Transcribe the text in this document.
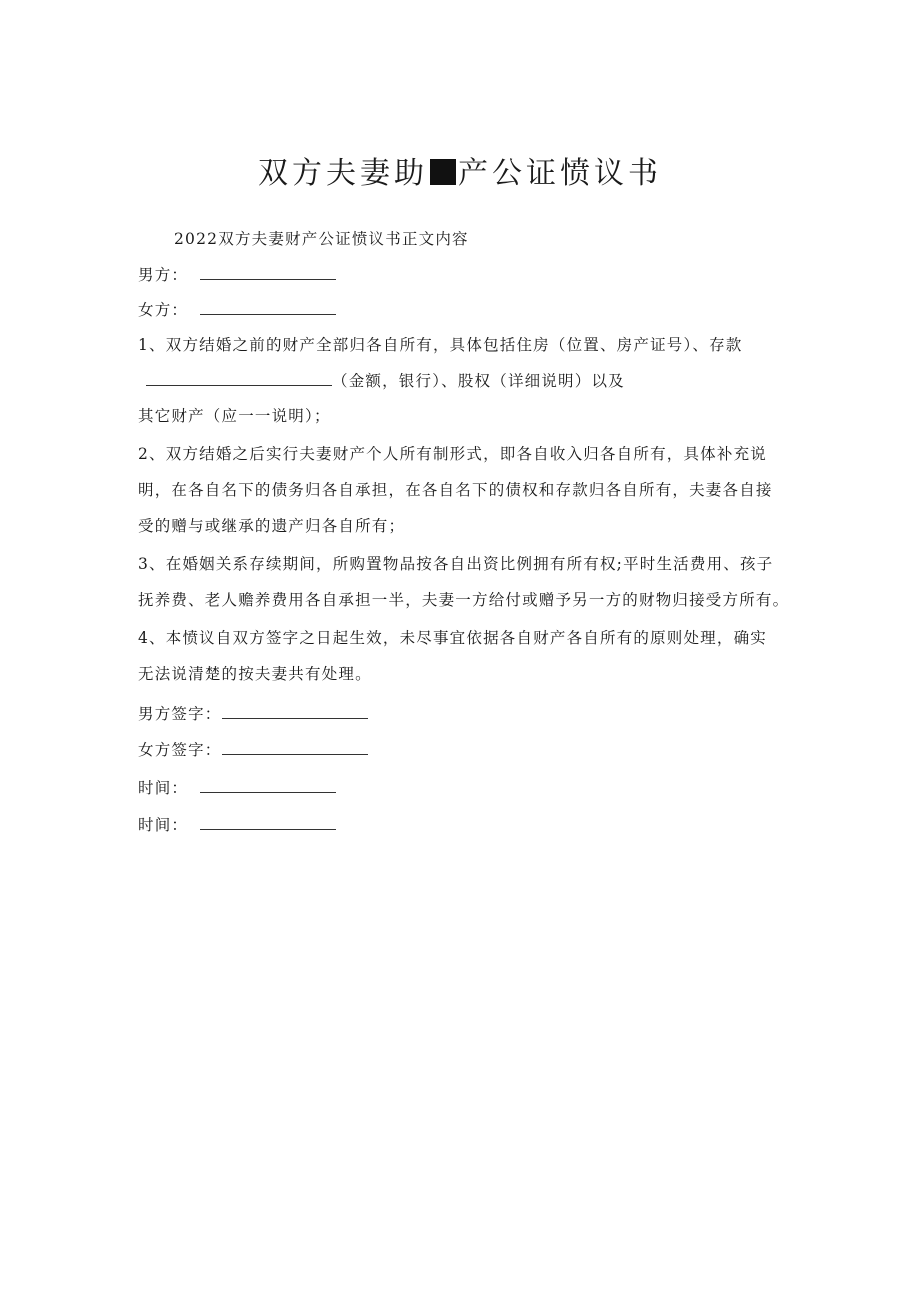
双方夫妻助 产公证愤议书
2022双方夫妻财产公证愤议书正文内容
男方：
女方：
1、双方结婚之前的财产全部归各自所有，具体包括住房（位置、房产证号）、存款
（金额，银行）、股权（详细说明）以及
其它财产（应一一说明）；
2、双方结婚之后实行夫妻财产个人所有制形式，即各自收入归各自所有，具体补充说
明，在各自名下的债务归各自承担，在各自名下的债权和存款归各自所有，夫妻各自接
受的赠与或继承的遗产归各自所有；
3、在婚姻关系存续期间，所购置物品按各自出资比例拥有所有权;平时生活费用、孩子
抚养费、老人赡养费用各自承担一半，夫妻一方给付或赠予另一方的财物归接受方所有。
4、本愤议自双方签字之日起生效，未尽事宜依据各自财产各自所有的原则处理，确实
无法说清楚的按夫妻共有处理。
男方签字：
女方签字：
时间：
时间：
